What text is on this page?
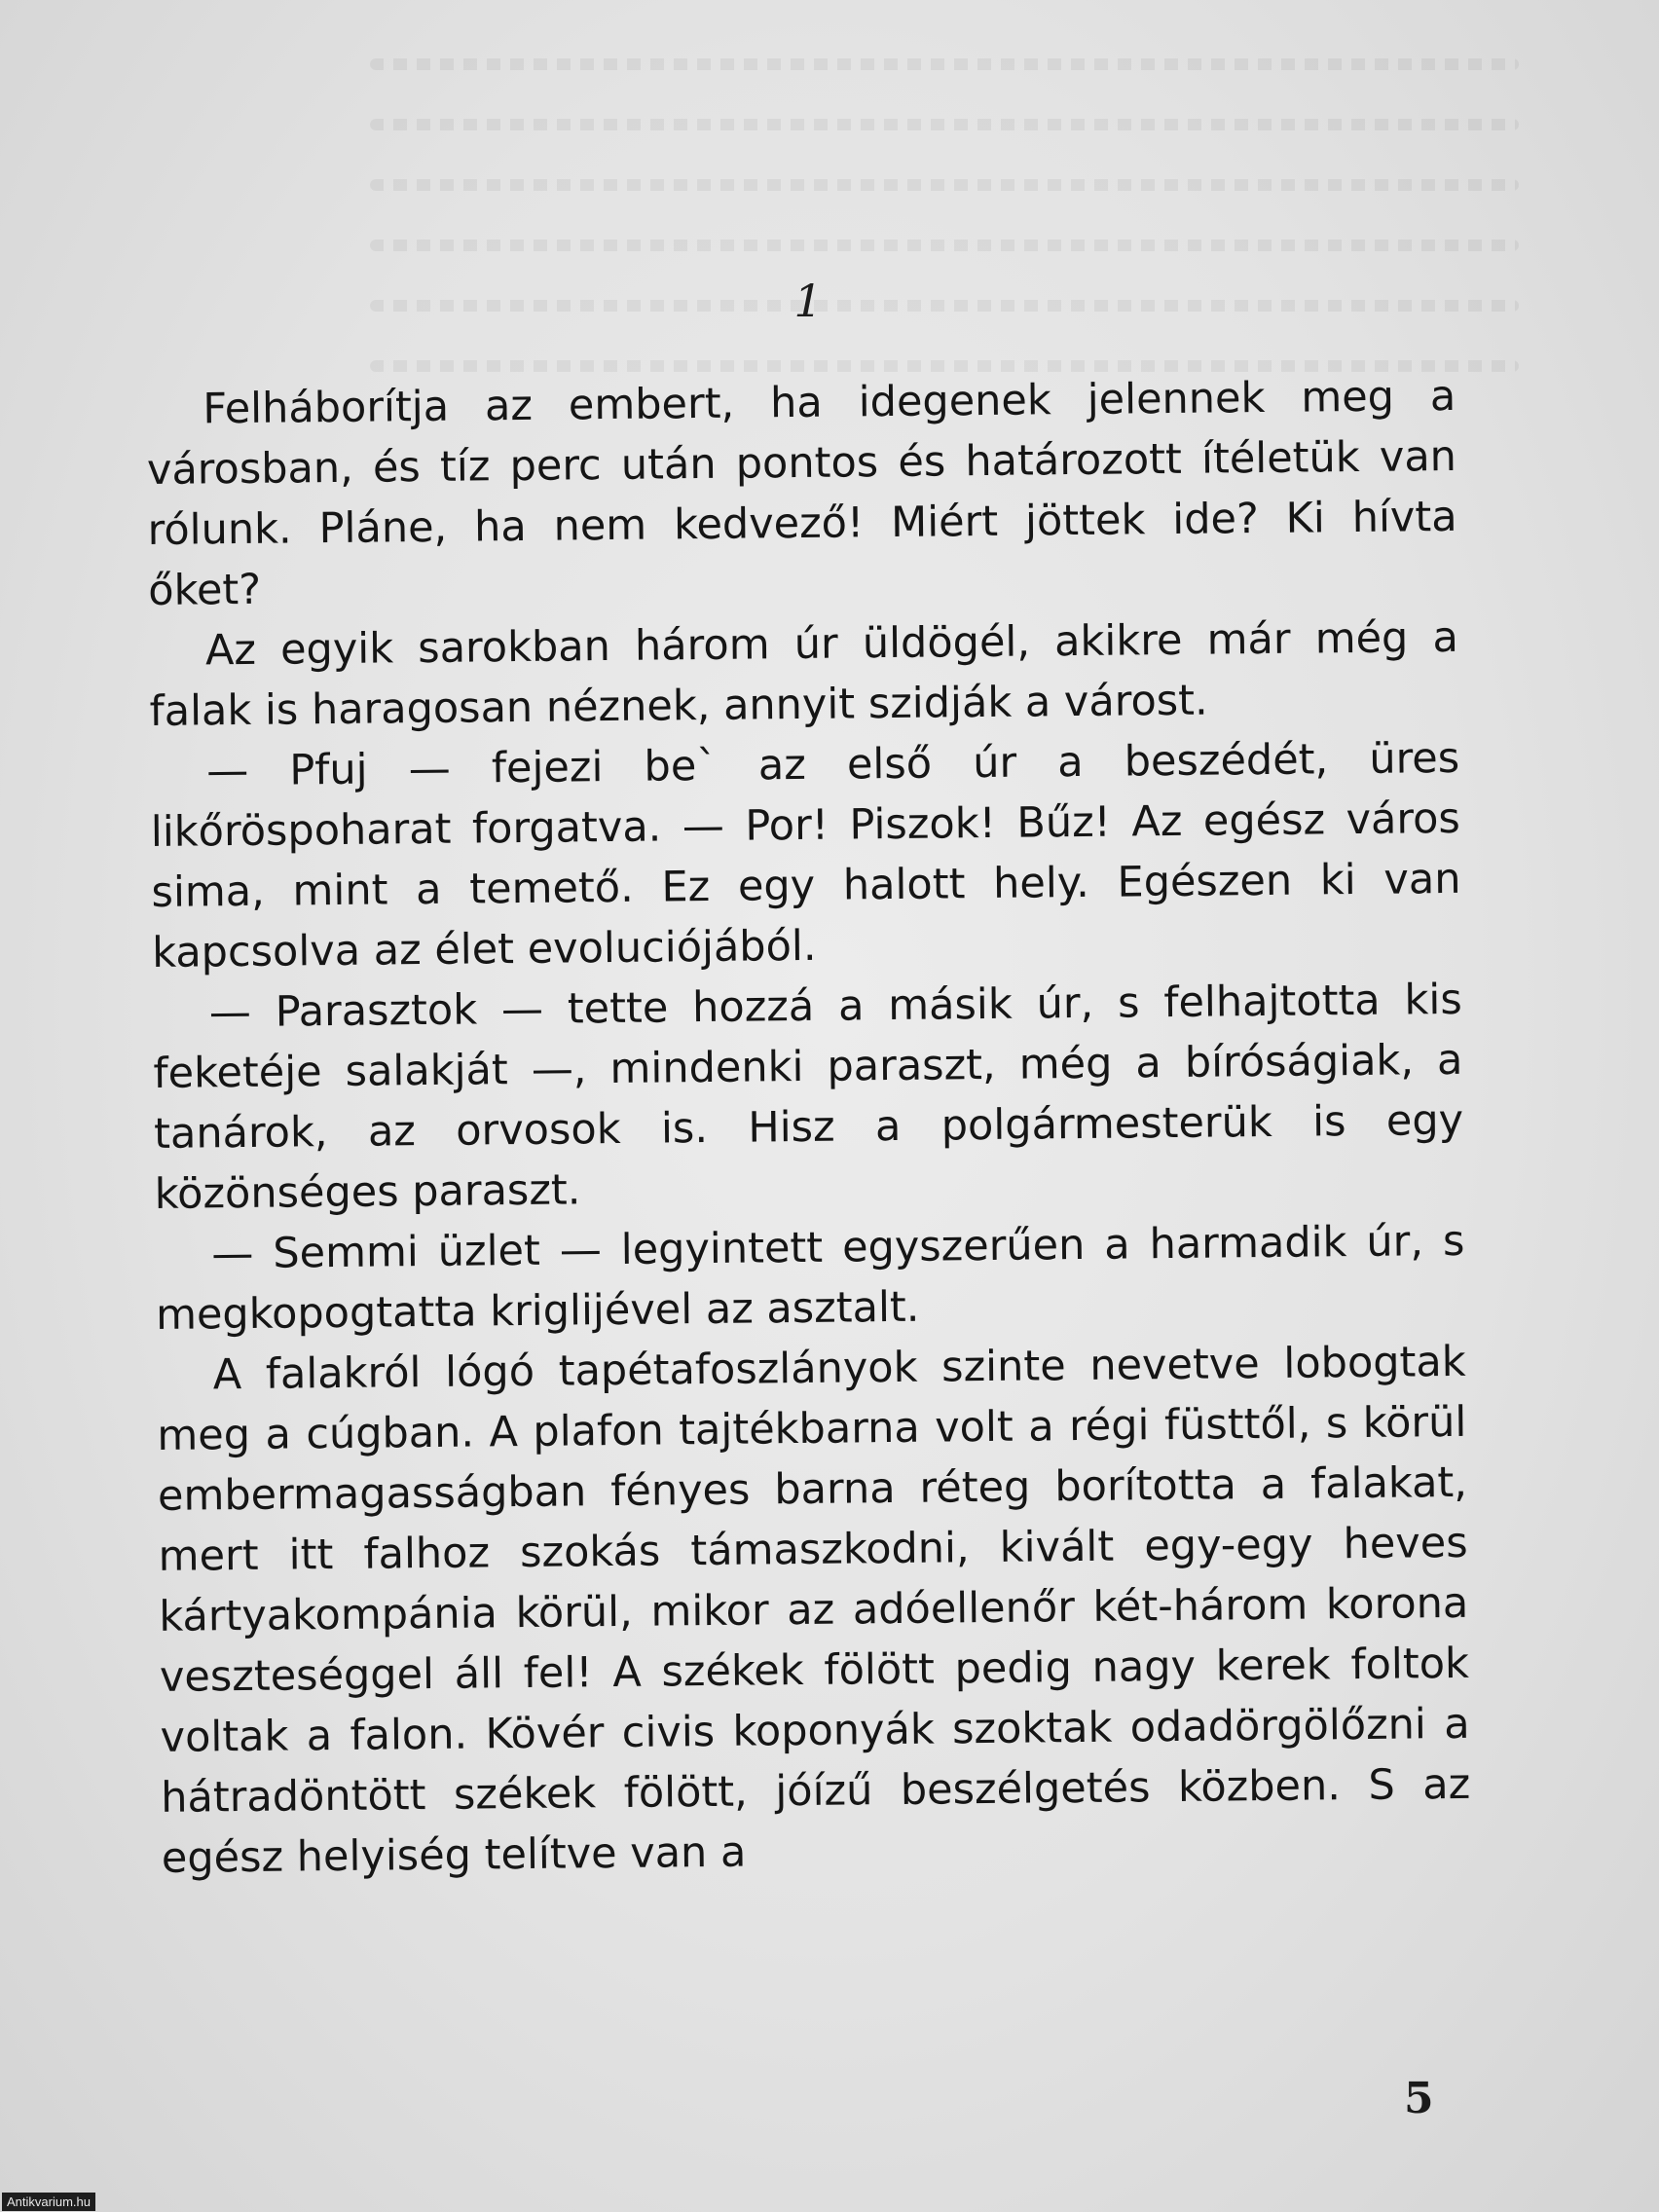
1

Felháborítja az embert, ha idegenek jelennek meg a városban, és tíz perc után pontos és határozott ítéletük van rólunk. Pláne, ha nem kedvező! Miért jöttek ide? Ki hívta őket?

Az egyik sarokban három úr üldögél, akikre már még a falak is haragosan néznek, annyit szidják a várost.

— Pfuj — fejezi be` az első úr a beszédét, üres likőröspoharat forgatva. — Por! Piszok! Bűz! Az egész város sima, mint a temető. Ez egy halott hely. Egészen ki van kapcsolva az élet evoluciójából.

— Parasztok — tette hozzá a másik úr, s felhajtotta kis feketéje salakját —, mindenki paraszt, még a bíróságiak, a tanárok, az orvosok is. Hisz a polgármesterük is egy közönséges paraszt.

— Semmi üzlet — legyintett egyszerűen a harmadik úr, s megkopogtatta kriglijével az asztalt.

A falakról lógó tapétafoszlányok szinte nevetve lobogtak meg a cúgban. A plafon tajtékbarna volt a régi füsttől, s körül embermagasságban fényes barna réteg borította a falakat, mert itt falhoz szokás támaszkodni, kivált egy-egy heves kártyakompánia körül, mikor az adóellenőr két-három korona veszteséggel áll fel! A székek fölött pedig nagy kerek foltok voltak a falon. Kövér civis koponyák szoktak odadörgölőzni a hátradöntött székek fölött, jóízű beszélgetés közben. S az egész helyiség telítve van a

5
Antikvarium.hu
